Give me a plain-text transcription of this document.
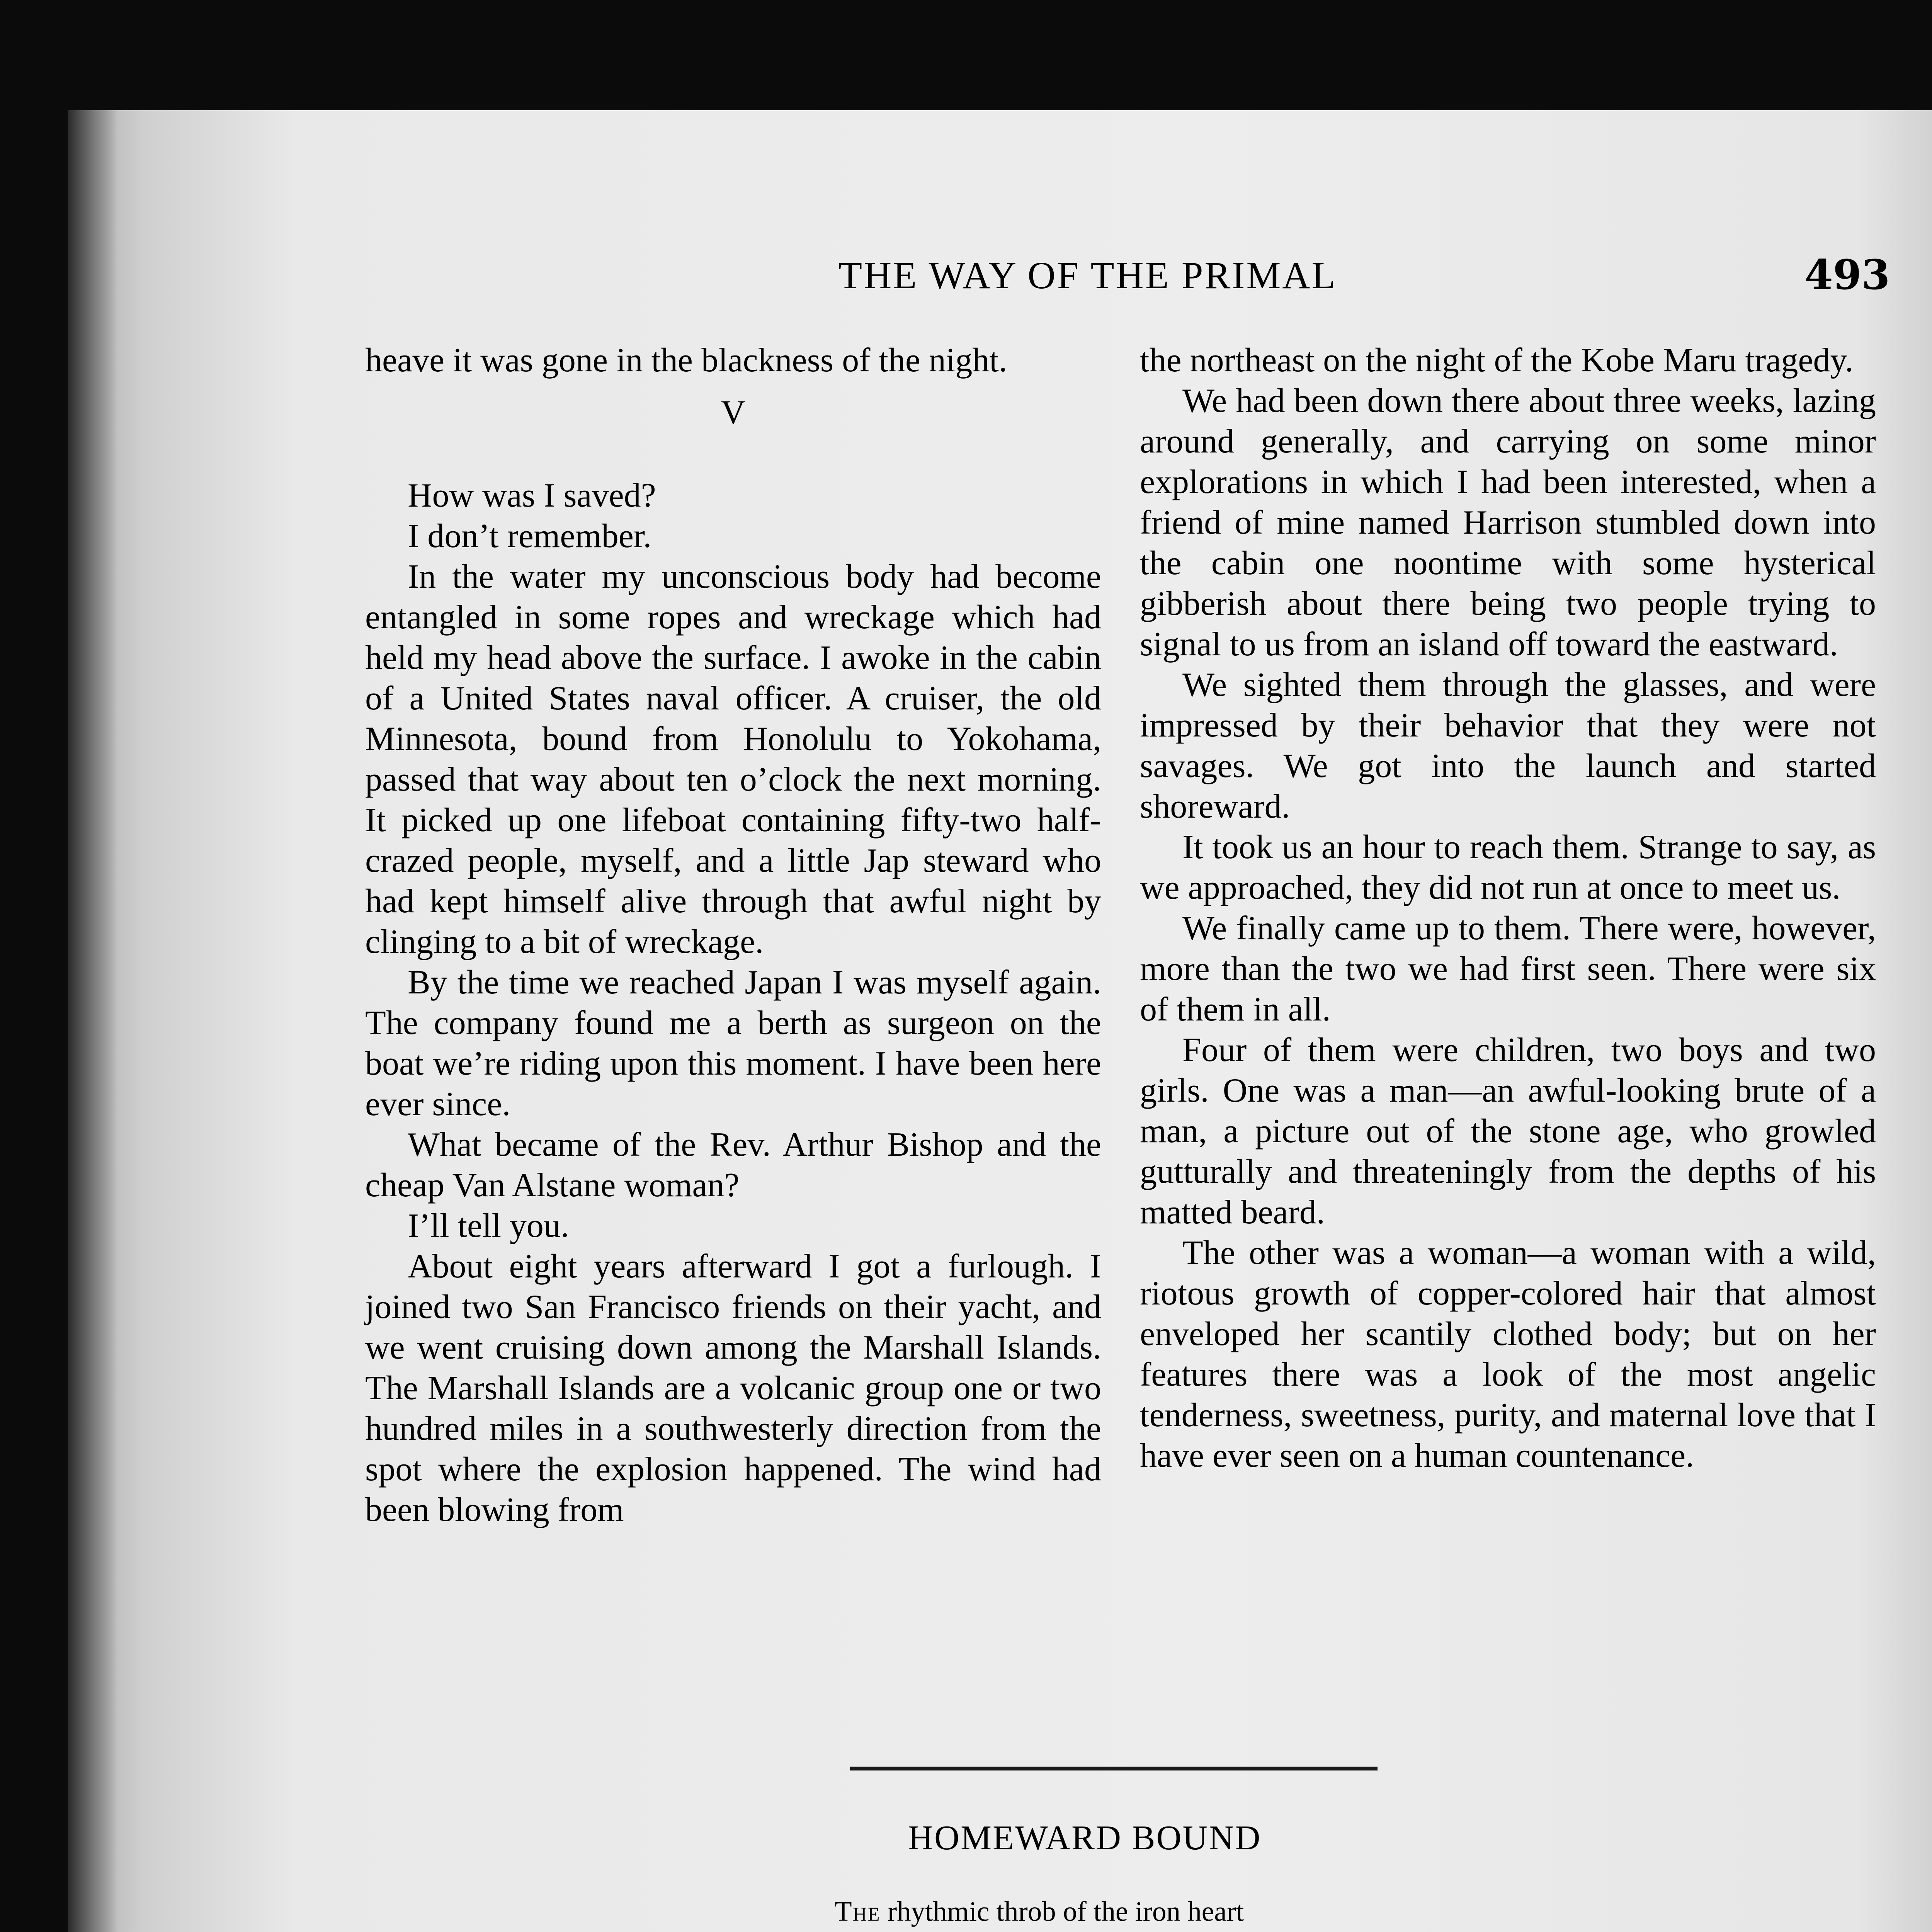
THE WAY OF THE PRIMAL	493

heave it was gone in the blackness of the night.

V

How was I saved?

I don’t remember.

In the water my unconscious body had become entangled in some ropes and wreckage which had held my head above the surface. I awoke in the cabin of a United States naval officer. A cruiser, the old Minnesota, bound from Honolulu to Yokohama, passed that way about ten o’clock the next morning. It picked up one lifeboat containing fifty-two half-crazed people, myself, and a little Jap steward who had kept himself alive through that awful night by clinging to a bit of wreckage.

By the time we reached Japan I was myself again. The company found me a berth as surgeon on the boat we’re riding upon this moment. I have been here ever since.

What became of the Rev. Arthur Bishop and the cheap Van Alstane woman?

I’ll tell you.

About eight years afterward I got a furlough. I joined two San Francisco friends on their yacht, and we went cruising down among the Marshall Islands. The Marshall Islands are a volcanic group one or two hundred miles in a southwesterly direction from the spot where the explosion happened. The wind had been blowing from

the northeast on the night of the Kobe Maru tragedy.

We had been down there about three weeks, lazing around generally, and carrying on some minor explorations in which I had been interested, when a friend of mine named Harrison stumbled down into the cabin one noontime with some hysterical gibberish about there being two people trying to signal to us from an island off toward the eastward.

We sighted them through the glasses, and were impressed by their behavior that they were not savages. We got into the launch and started shoreward.

It took us an hour to reach them. Strange to say, as we approached, they did not run at once to meet us.

We finally came up to them. There were, however, more than the two we had first seen. There were six of them in all.

Four of them were children, two boys and two girls. One was a man—an awful-looking brute of a man, a picture out of the stone age, who growled gutturally and threateningly from the depths of his matted beard.

The other was a woman—a woman with a wild, riotous growth of copper-colored hair that almost enveloped her scantily clothed body; but on her features there was a look of the most angelic tenderness, sweetness, purity, and maternal love that I have ever seen on a human countenance.

HOMEWARD BOUND
The rhythmic throb of the iron heart
